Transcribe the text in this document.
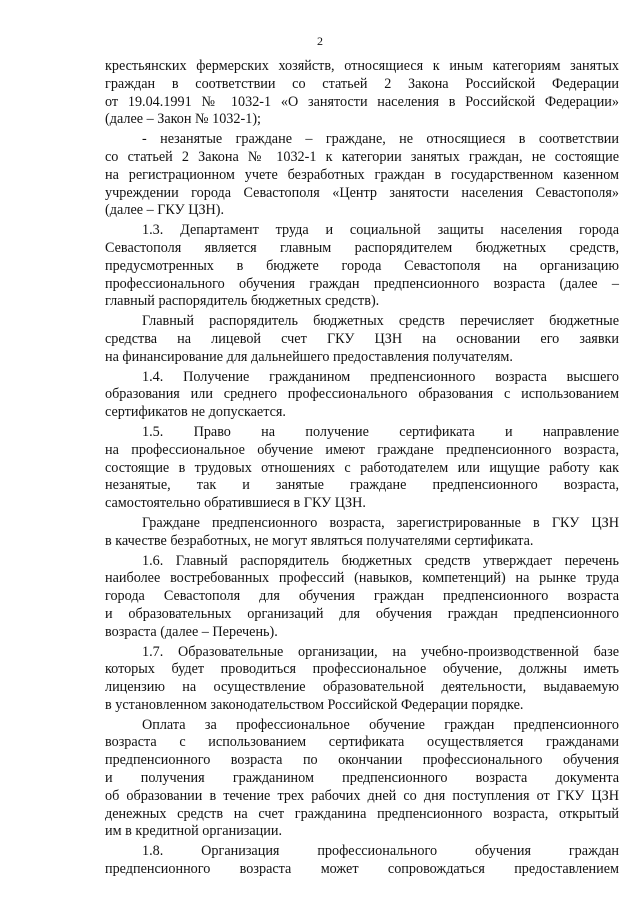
2
крестьянских фермерских хозяйств, относящиеся к иным категориям занятых
граждан в соответствии со статьей 2 Закона Российской Федерации
от 19.04.1991 № 1032-1 «О занятости населения в Российской Федерации»
(далее – Закон № 1032-1);
- незанятые граждане – граждане, не относящиеся в соответствии
со статьей 2 Закона № 1032-1 к категории занятых граждан, не состоящие
на регистрационном учете безработных граждан в государственном казенном
учреждении города Севастополя «Центр занятости населения Севастополя»
(далее – ГКУ ЦЗН).
1.3. Департамент труда и социальной защиты населения города
Севастополя является главным распорядителем бюджетных средств,
предусмотренных в бюджете города Севастополя на организацию
профессионального обучения граждан предпенсионного возраста (далее –
главный распорядитель бюджетных средств).
Главный распорядитель бюджетных средств перечисляет бюджетные
средства на лицевой счет ГКУ ЦЗН на основании его заявки
на финансирование для дальнейшего предоставления получателям.
1.4. Получение гражданином предпенсионного возраста высшего
образования или среднего профессионального образования с использованием
сертификатов не допускается.
1.5. Право на получение сертификата и направление
на профессиональное обучение имеют граждане предпенсионного возраста,
состоящие в трудовых отношениях с работодателем или ищущие работу как
незанятые, так и занятые граждане предпенсионного возраста,
самостоятельно обратившиеся в ГКУ ЦЗН.
Граждане предпенсионного возраста, зарегистрированные в ГКУ ЦЗН
в качестве безработных, не могут являться получателями сертификата.
1.6. Главный распорядитель бюджетных средств утверждает перечень
наиболее востребованных профессий (навыков, компетенций) на рынке труда
города Севастополя для обучения граждан предпенсионного возраста
и образовательных организаций для обучения граждан предпенсионного
возраста (далее – Перечень).
1.7. Образовательные организации, на учебно-производственной базе
которых будет проводиться профессиональное обучение, должны иметь
лицензию на осуществление образовательной деятельности, выдаваемую
в установленном законодательством Российской Федерации порядке.
Оплата за профессиональное обучение граждан предпенсионного
возраста с использованием сертификата осуществляется гражданами
предпенсионного возраста по окончании профессионального обучения
и получения гражданином предпенсионного возраста документа
об образовании в течение трех рабочих дней со дня поступления от ГКУ ЦЗН
денежных средств на счет гражданина предпенсионного возраста, открытый
им в кредитной организации.
1.8. Организация профессионального обучения граждан
предпенсионного возраста может сопровождаться предоставлением
